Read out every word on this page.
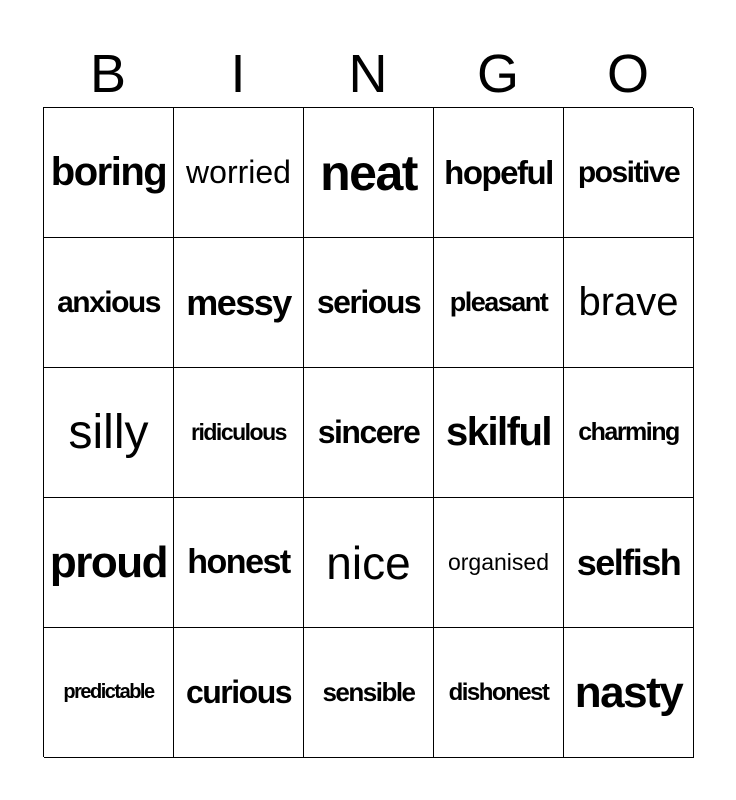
B	I	N	G	O
boring worried neat hopeful positive
anxious messy serious pleasant brave
silly ridiculous sincere skilful charming
proud honest nice organised selfish
predictable curious sensible dishonest nasty
